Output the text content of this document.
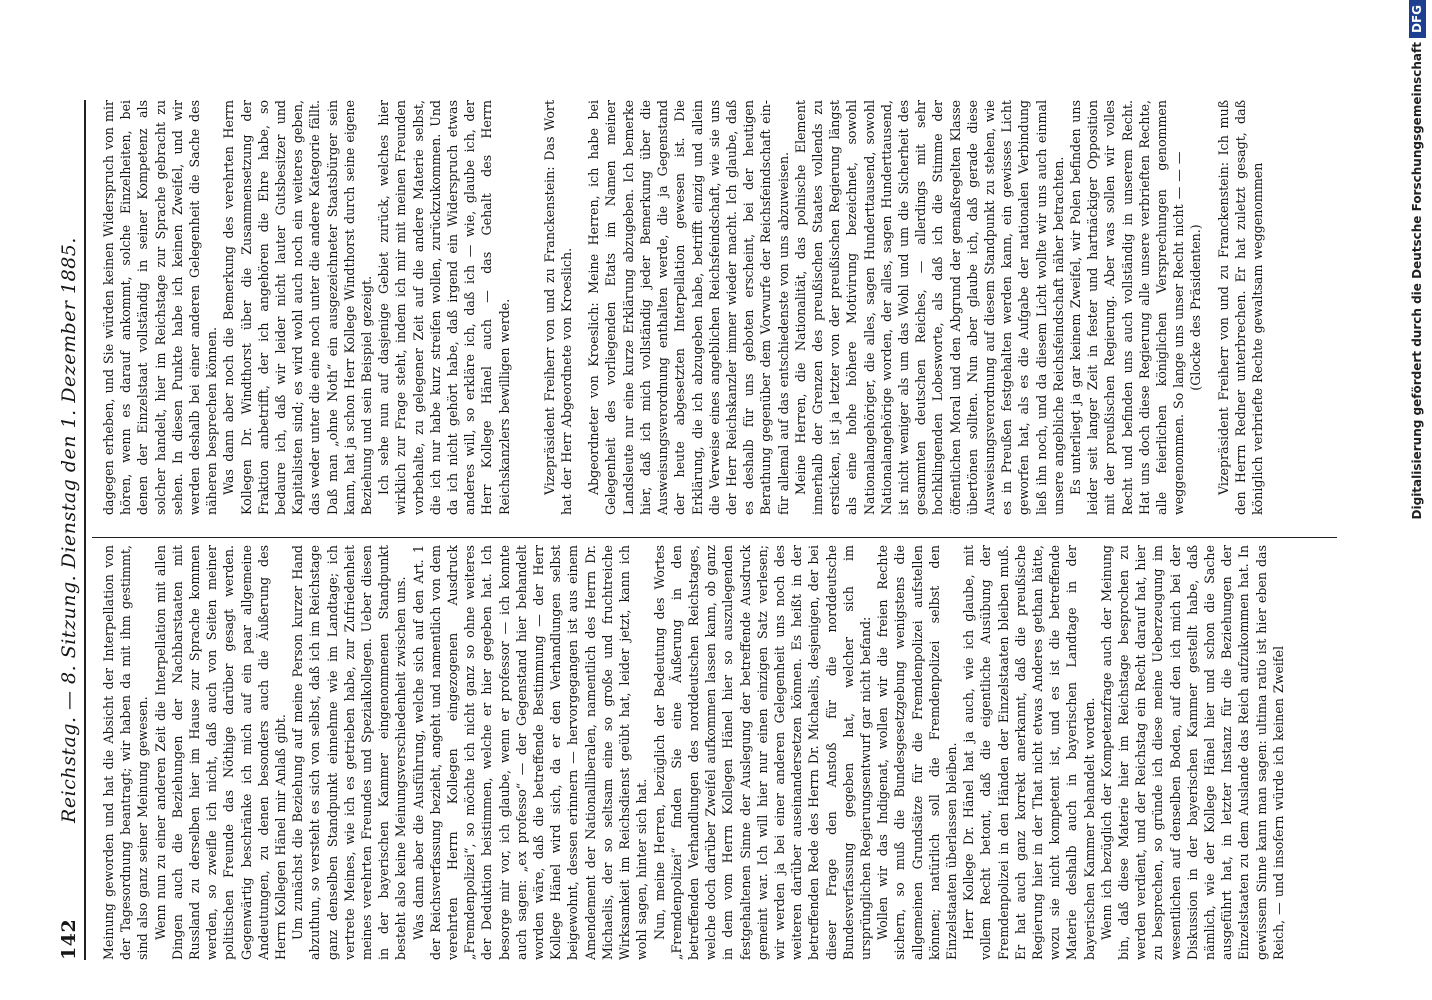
142
Reichstag. — 8. Sitzung. Dienstag den 1. Dezember 1885. Meinung geworden und hat die Absicht der Interpellation von der Tagesordnung beantragt; wir haben da mit ihm gestimmt, sind also ganz seiner Meinung gewesen. Wenn nun zu einer anderen Zeit die Interpellation mit allen Dingen auch die Beziehungen der Nachbarstaaten mit Russland zu derselben hier im Hause zur Sprache kommen werden, so zweifle ich nicht, daß auch von Seiten meiner politischen Freunde das Nöthige darüber gesagt werden. Gegenwärtig beschränke ich mich auf ein paar allgemeine Andeutungen, zu denen besonders auch die Äußerung des Herrn Kollegen Hänel mir Anlaß gibt. Um zunächst die Beziehung auf meine Person kurzer Hand abzuthun, so versteht es sich von selbst, daß ich im Reichstage ganz denselben Standpunkt einnehme wie im Landtage; ich vertrete Meines, wie ich es getrieben habe, zur Zufriedenheit meines verehrten Freundes und Spezialkollegen. Ueber diesen in der bayerischen Kammer eingenommenen Standpunkt besteht also keine Meinungsverschiedenheit zwischen uns. Was dann aber die Ausführung, welche sich auf den Art. 1 der Reichsverfassung bezieht, angeht und namentlich von dem verehrten Herrn Kollegen eingezogenen Ausdruck „Fremdenpolizei“, so möchte ich nicht ganz so ohne weiteres der Deduktion beistimmen, welche er hier gegeben hat. Ich besorge mir vor, ich glaube, wenn er professor — ich konnte auch sagen: „ex professo“ — der Gegenstand hier behandelt worden wäre, daß die betreffende Bestimmung — der Herr Kollege Hänel wird sich, da er den Verhandlungen selbst beigewohnt, dessen erinnern — hervorgegangen ist aus einem Amendement der Nationalliberalen, namentlich des Herrn Dr. Michaelis, der so seltsam eine so große und fruchtreiche Wirksamkeit im Reichsdienst geübt hat, leider jetzt, kann ich wohl sagen, hinter sich hat. Nun, meine Herren, bezüglich der Bedeutung des Wortes „Fremdenpolizei“ finden Sie eine Äußerung in den betreffenden Verhandlungen des norddeutschen Reichstages, welche doch darüber Zweifel aufkommen lassen kann, ob ganz in dem vom Herrn Kollegen Hänel hier so auszulegenden festgehaltenen Sinne der Auslegung der betreffende Ausdruck gemeint war. Ich will hier nur einen einzigen Satz verlesen; wir werden ja bei einer anderen Gelegenheit uns noch des weiteren darüber auseinandersetzen können. Es heißt in der betreffenden Rede des Herrn Dr. Michaelis, desjenigen, der bei dieser Frage den Anstoß für die norddeutsche Bundesverfassung gegeben hat, welcher sich im ursprünglichen Regierungsentwurf gar nicht befand: Wollen wir das Indigenat, wollen wir die freien Rechte sichern, so muß die Bundesgesetzgebung wenigstens die allgemeinen Grundsätze für die Fremdenpolizei aufstellen können; natürlich soll die Fremdenpolizei selbst den Einzelstaaten überlassen bleiben. Herr Kollege Dr. Hänel hat ja auch, wie ich glaube, mit vollem Recht betont, daß die eigentliche Ausübung der Fremdenpolizei in den Händen der Einzelstaaten bleiben muß. Er hat auch ganz korrekt anerkannt, daß die preußische Regierung hier in der That nicht etwas Anderes gethan hätte, wozu sie nicht kompetent ist, und es ist die betreffende Materie deshalb auch in bayerischen Landtage in der bayerischen Kammer behandelt worden. Wenn ich bezüglich der Kompetenzfrage auch der Meinung bin, daß diese Materie hier im Reichstage besprochen zu werden verdient, und der Reichstag ein Recht darauf hat, hier zu besprechen, so gründe ich diese meine Ueberzeugung im wesentlichen auf denselben Boden, auf den ich mich bei der Diskussion in der bayerischen Kammer gestellt habe, daß nämlich, wie der Kollege Hänel hier und schon die Sache ausgeführt hat, in letzter Instanz für die Beziehungen der Einzelstaaten zu dem Auslande das Reich aufzukommen hat. In gewissem Sinne kann man sagen: ultima ratio ist hier eben das Reich, — und insofern würde ich keinen Zweifel

dagegen erheben, und Sie würden keinen Widerspruch von mir hören, wenn es darauf ankommt, solche Einzelheiten, bei denen der Einzelstaat vollständig in seiner Kompetenz als solcher handelt, hier im Reichstage zur Sprache gebracht zu sehen. In diesen Punkte habe ich keinen Zweifel, und wir werden deshalb bei einer anderen Gelegenheit die Sache des näheren besprechen können. Was dann aber noch die Bemerkung des verehrten Herrn Kollegen Dr. Windthorst über die Zusammensetzung der Fraktion anbetrifft, der ich angehören die Ehre habe, so bedaure ich, daß wir leider nicht lauter Gutsbesitzer und Kapitalisten sind; es wird wohl auch noch ein weiteres geben, das weder unter die eine noch unter die andere Kategorie fällt. Daß man „ohne Noth“ ein ausgezeichneter Staatsbürger sein kann, hat ja schon Herr Kollege Windthorst durch seine eigene Beziehung und sein Beispiel gezeigt. Ich sehe nun auf dasjenige Gebiet zurück, welches hier wirklich zur Frage steht, indem ich mir mit meinen Freunden vorbehalte, zu gelegener Zeit auf die andere Materie selbst, die ich nur habe kurz streifen wollen, zurückzukommen. Und da ich nicht gehört habe, daß irgend ein Widerspruch etwas anderes will, so erkläre ich, daß ich — wie, glaube ich, der Herr Kollege Hänel auch — das Gehalt des Herrn Reichskanzlers bewilligen werde. Vizepräsident Freiherr von und zu Franckenstein: Das Wort hat der Herr Abgeordnete von Kroeslich. Abgeordneter von Kroeslich: Meine Herren, ich habe bei Gelegenheit des vorliegenden Etats im Namen meiner Landsleute nur eine kurze Erklärung abzugeben. Ich bemerke hier, daß ich mich vollständig jeder Bemerkung über die Ausweisungsverordnung enthalten werde, die ja Gegenstand der heute abgesetzten Interpellation gewesen ist. Die Erklärung, die ich abzugeben habe, betrifft einzig und allein die Verweise eines angeblichen Reichsfeindschaft, wie sie uns der Herr Reichskanzler immer wieder macht. Ich glaube, daß es deshalb für uns geboten erscheint, bei der heutigen Berathung gegenüber dem Vorwurfe der Reichsfeindschaft ein- für allemal auf das entschiedenste von uns abzuweisen. Meine Herren, die Nationalität, das polnische Element innerhalb der Grenzen des preußischen Staates vollends zu ersticken, ist ja letzter von der preußischen Regierung längst als eine hohe höhere Motivirung bezeichnet, sowohl Nationalangehöriger, die alles, sagen Hunderttausend, sowohl Nationalangehörige worden, der alles, sagen Hunderttausend, ist nicht weniger als um das Wohl und um die Sicherheit des gesammten deutschen Reiches, — allerdings mit sehr hochklingenden Lobesworte, als daß ich die Stimme der öffentlichen Moral und den Abgrund der gemaßregelten Klasse übertönen sollten. Nun aber glaube ich, daß gerade diese Ausweisungsverordnung auf diesem Standpunkt zu stehen, wie es in Preußen festgehalten werden kann, ein gewisses Licht geworfen hat, als es die Aufgabe der nationalen Verbindung ließ ihn noch, und da diesem Licht wollte wir uns auch einmal unsere angebliche Reichsfeindschaft näher betrachten. Es unterliegt ja gar keinem Zweifel, wir Polen befinden uns leider seit langer Zeit in fester und hartnäckiger Opposition mit der preußischen Regierung. Aber was sollen wir volles Recht und befinden uns auch vollständig in unserem Recht. Hat uns doch diese Regierung alle unsere verbrieften Rechte, alle feierlichen königlichen Versprechungen genommen weggenommen. So lange uns unser Recht nicht — — — (Glocke des Präsidenten.) Vizepräsident Freiherr von und zu Franckenstein: Ich muß den Herrn Redner unterbrechen. Er hat zuletzt gesagt, daß königlich verbriefte Rechte gewaltsam weggenommen	Digitalisierung gefördert durch die Deutsche ForschungsgemeinschaftDFG
